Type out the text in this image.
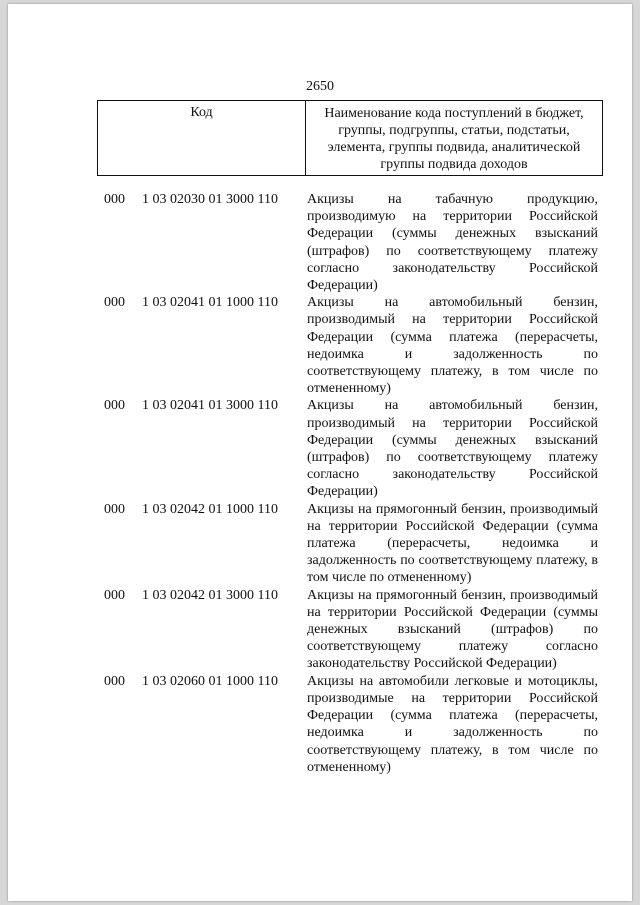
2650
Код	Наименование кода поступлений в бюджет, группы, подгруппы, статьи, подстатьи, элемента, группы подвида, аналитической группы подвида доходов
000	1 03 02030 01 3000 110	Акцизы на табачную продукцию, производимую на территории Российской Федерации (суммы денежных взысканий (штрафов) по соответствующему платежу согласно законодательству Российской Федерации)
000	1 03 02041 01 1000 110	Акцизы на автомобильный бензин, производимый на территории Российской Федерации (сумма платежа (перерасчеты, недоимка и задолженность по соответствующему платежу, в том числе по отмененному)
000	1 03 02041 01 3000 110	Акцизы на автомобильный бензин, производимый на территории Российской Федерации (суммы денежных взысканий (штрафов) по соответствующему платежу согласно законодательству Российской Федерации)
000	1 03 02042 01 1000 110	Акцизы на прямогонный бензин, производимый на территории Российской Федерации (сумма платежа (перерасчеты, недоимка и задолженность по соответствующему платежу, в том числе по отмененному)
000	1 03 02042 01 3000 110	Акцизы на прямогонный бензин, производимый на территории Российской Федерации (суммы денежных взысканий (штрафов) по соответствующему платежу согласно законодательству Российской Федерации)
000	1 03 02060 01 1000 110	Акцизы на автомобили легковые и мотоциклы, производимые на территории Российской Федерации (сумма платежа (перерасчеты, недоимка и задолженность по соответствующему платежу, в том числе по отмененному)
